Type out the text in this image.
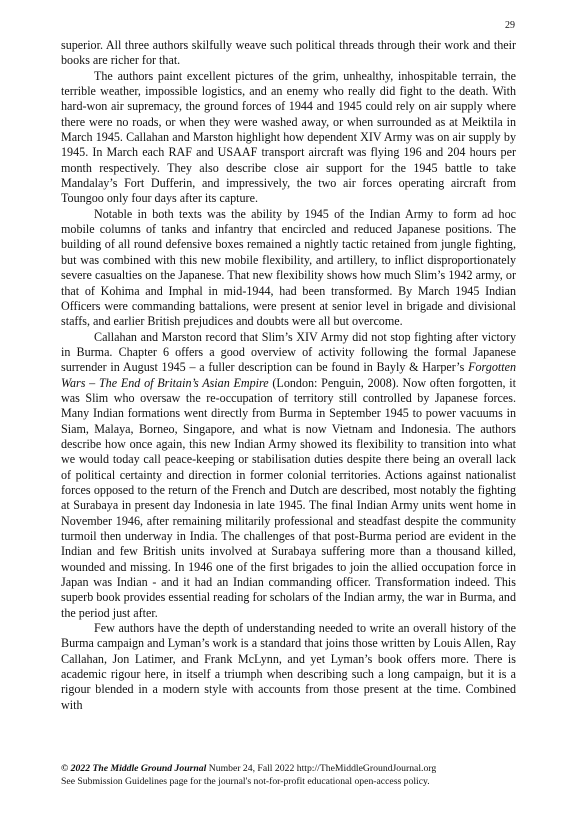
29

superior. All three authors skilfully weave such political threads through their work and their books are richer for that.

The authors paint excellent pictures of the grim, unhealthy, inhospitable terrain, the terrible weather, impossible logistics, and an enemy who really did fight to the death. With hard-won air supremacy, the ground forces of 1944 and 1945 could rely on air supply where there were no roads, or when they were washed away, or when surrounded as at Meiktila in March 1945. Callahan and Marston highlight how dependent XIV Army was on air supply by 1945. In March each RAF and USAAF transport aircraft was flying 196 and 204 hours per month respectively. They also describe close air support for the 1945 battle to take Mandalay’s Fort Dufferin, and impressively, the two air forces operating aircraft from Toungoo only four days after its capture.

Notable in both texts was the ability by 1945 of the Indian Army to form ad hoc mobile columns of tanks and infantry that encircled and reduced Japanese positions. The building of all round defensive boxes remained a nightly tactic retained from jungle fighting, but was combined with this new mobile flexibility, and artillery, to inflict disproportionately severe casualties on the Japanese. That new flexibility shows how much Slim’s 1942 army, or that of Kohima and Imphal in mid-1944, had been transformed. By March 1945 Indian Officers were commanding battalions, were present at senior level in brigade and divisional staffs, and earlier British prejudices and doubts were all but overcome.

Callahan and Marston record that Slim’s XIV Army did not stop fighting after victory in Burma. Chapter 6 offers a good overview of activity following the formal Japanese surrender in August 1945 – a fuller description can be found in Bayly & Harper’s Forgotten Wars – The End of Britain’s Asian Empire (London: Penguin, 2008). Now often forgotten, it was Slim who oversaw the re-occupation of territory still controlled by Japanese forces. Many Indian formations went directly from Burma in September 1945 to power vacuums in Siam, Malaya, Borneo, Singapore, and what is now Vietnam and Indonesia. The authors describe how once again, this new Indian Army showed its flexibility to transition into what we would today call peace-keeping or stabilisation duties despite there being an overall lack of political certainty and direction in former colonial territories. Actions against nationalist forces opposed to the return of the French and Dutch are described, most notably the fighting at Surabaya in present day Indonesia in late 1945. The final Indian Army units went home in November 1946, after remaining militarily professional and steadfast despite the community turmoil then underway in India. The challenges of that post-Burma period are evident in the Indian and few British units involved at Surabaya suffering more than a thousand killed, wounded and missing. In 1946 one of the first brigades to join the allied occupation force in Japan was Indian - and it had an Indian commanding officer. Transformation indeed. This superb book provides essential reading for scholars of the Indian army, the war in Burma, and the period just after.

Few authors have the depth of understanding needed to write an overall history of the Burma campaign and Lyman’s work is a standard that joins those written by Louis Allen, Ray Callahan, Jon Latimer, and Frank McLynn, and yet Lyman’s book offers more. There is academic rigour here, in itself a triumph when describing such a long campaign, but it is a rigour blended in a modern style with accounts from those present at the time. Combined with

© 2022 The Middle Ground Journal Number 24, Fall 2022 http://TheMiddleGroundJournal.org
See Submission Guidelines page for the journal's not-for-profit educational open-access policy.
